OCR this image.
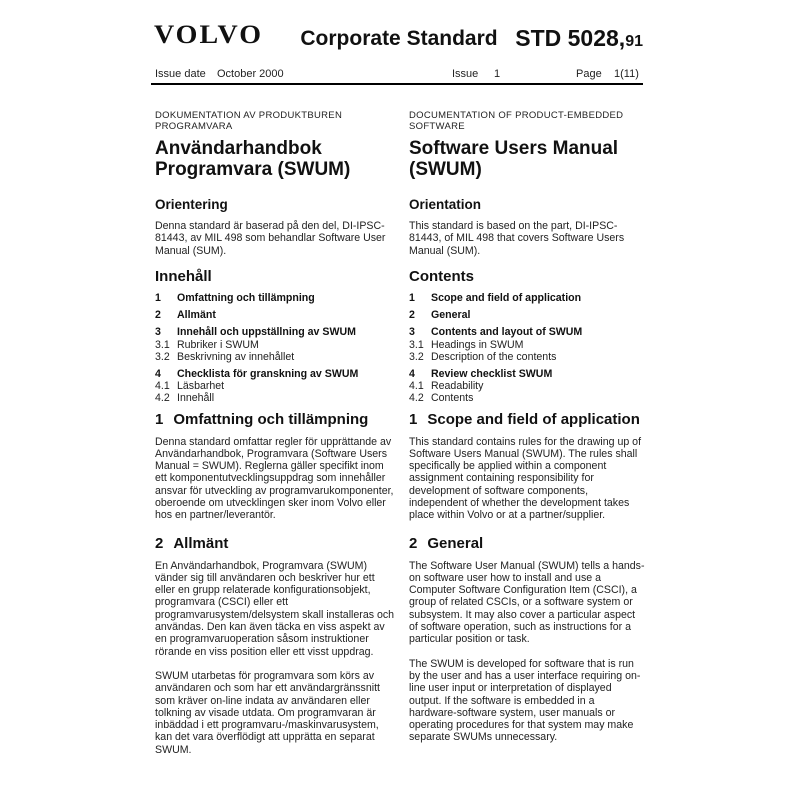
VOLVO	Corporate Standard STD 5028,91
Issue date October 2000	Issue 1	Page 1(11)
DOKUMENTATION AV PRODUKTBUREN
PROGRAMVARA
DOCUMENTATION OF PRODUCT-EMBEDDED
SOFTWARE
Användarhandbok
Programvara (SWUM)
Software Users Manual
(SWUM)
Orientering	Orientation

Denna standard är baserad på den del, DI-IPSC-81443, av MIL 498 som behandlar Software User Manual (SUM).

This standard is based on the part, DI-IPSC-81443, of MIL 498 that covers Software Users Manual (SUM).

Innehåll	Contents
1	Omfattning och tillämpning
2	Allmänt
3	Innehåll och uppställning av SWUM
3.1 Rubriker i SWUM
3.2 Beskrivning av innehållet
4	Checklista för granskning av SWUM
4.1 Läsbarhet
4.2 Innehåll
1	Scope and field of application
2	General
3	Contents and layout of SWUM
3.1 Headings in SWUM
3.2 Description of the contents
4	Review checklist SWUM
4.1 Readability
4.2 Contents
1 Omfattning och tillämpning	1 Scope and field of application

Denna standard omfattar regler för upprättande av Användarhandbok, Programvara (Software Users Manual = SWUM). Reglerna gäller specifikt inom ett komponentutvecklingsuppdrag som innehåller ansvar för utveckling av programvarukomponenter, oberoende om utvecklingen sker inom Volvo eller hos en partner/leverantör.

This standard contains rules for the drawing up of Software Users Manual (SWUM). The rules shall specifically be applied within a component assignment containing responsibility for development of software components, independent of whether the development takes place within Volvo or at a partner/supplier.

2 Allmänt	2 General

En Användarhandbok, Programvara (SWUM) vänder sig till användaren och beskriver hur ett eller en grupp relaterade konfigurationsobjekt, programvara (CSCI) eller ett programvarusystem/delsystem skall installeras och användas. Den kan även täcka en viss aspekt av en programvaruoperation såsom instruktioner rörande en viss position eller ett visst uppdrag.

SWUM utarbetas för programvara som körs av användaren och som har ett användargränssnitt som kräver on-line indata av användaren eller tolkning av visade utdata. Om programvaran är inbäddad i ett programvaru-/maskinvarusystem, kan det vara överflödigt att upprätta en separat SWUM.

The Software User Manual (SWUM) tells a hands-on software user how to install and use a Computer Software Configuration Item (CSCI), a group of related CSCIs, or a software system or subsystem. It may also cover a particular aspect of software operation, such as instructions for a particular position or task.

The SWUM is developed for software that is run by the user and has a user interface requiring on-line user input or interpretation of displayed output. If the software is embedded in a hardware-software system, user manuals or operating procedures for that system may make separate SWUMs unnecessary.
